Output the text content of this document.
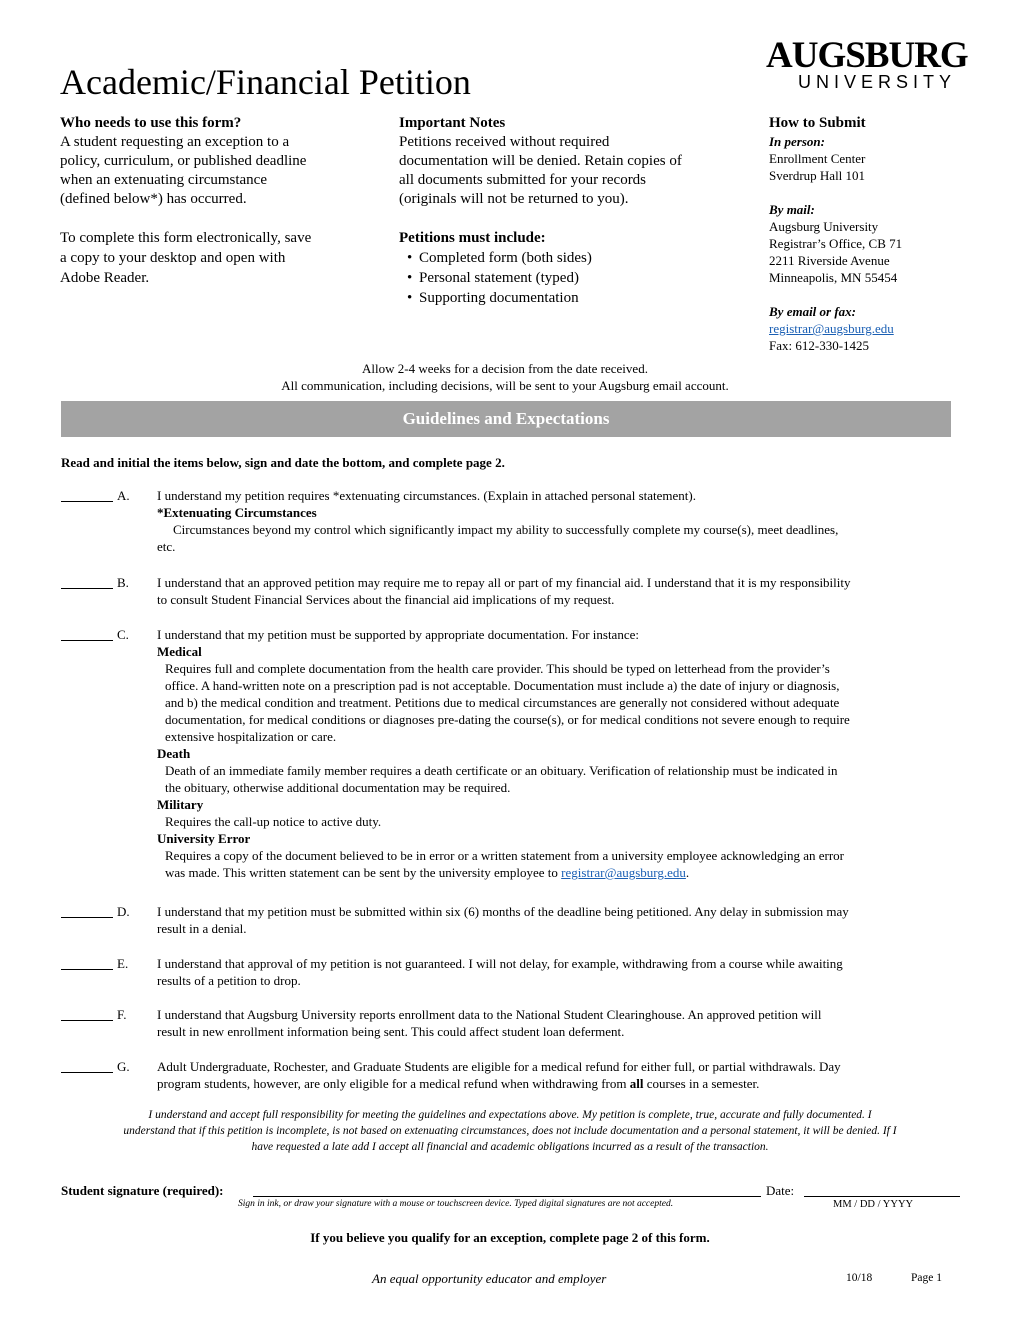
Academic/Financial Petition
AUGSBURG
UNIVERSITY
Who needs to use this form?
A student requesting an exception to a
policy, curriculum, or published deadline
when an extenuating circumstance
(defined below*) has occurred.
To complete this form electronically, save
a copy to your desktop and open with
Adobe Reader.
Important Notes
Petitions received without required
documentation will be denied. Retain copies of
all documents submitted for your records
(originals will not be returned to you).
Petitions must include:
• Completed form (both sides)
• Personal statement (typed)
• Supporting documentation
How to Submit
In person:
Enrollment Center
Sverdrup Hall 101
By mail:
Augsburg University
Registrar’s Office, CB 71
2211 Riverside Avenue
Minneapolis, MN 55454
By email or fax:
registrar@augsburg.edu
Fax: 612-330-1425
Allow 2-4 weeks for a decision from the date received.
All communication, including decisions, will be sent to your Augsburg email account.
Guidelines and Expectations
Read and initial the items below, sign and date the bottom, and complete page 2.
A. I understand my petition requires *extenuating circumstances. (Explain in attached personal statement).
*Extenuating Circumstances
Circumstances beyond my control which significantly impact my ability to successfully complete my course(s), meet deadlines,
etc.
B. I understand that an approved petition may require me to repay all or part of my financial aid. I understand that it is my responsibility
to consult Student Financial Services about the financial aid implications of my request.
C. I understand that my petition must be supported by appropriate documentation. For instance:
Medical
Requires full and complete documentation from the health care provider. This should be typed on letterhead from the provider’s
office. A hand-written note on a prescription pad is not acceptable. Documentation must include a) the date of injury or diagnosis,
and b) the medical condition and treatment. Petitions due to medical circumstances are generally not considered without adequate
documentation, for medical conditions or diagnoses pre-dating the course(s), or for medical conditions not severe enough to require
extensive hospitalization or care.
Death
Death of an immediate family member requires a death certificate or an obituary. Verification of relationship must be indicated in
the obituary, otherwise additional documentation may be required.
Military
Requires the call-up notice to active duty.
University Error
Requires a copy of the document believed to be in error or a written statement from a university employee acknowledging an error
was made. This written statement can be sent by the university employee to registrar@augsburg.edu.
D. I understand that my petition must be submitted within six (6) months of the deadline being petitioned. Any delay in submission may
result in a denial.
E. I understand that approval of my petition is not guaranteed. I will not delay, for example, withdrawing from a course while awaiting
results of a petition to drop.
F. I understand that Augsburg University reports enrollment data to the National Student Clearinghouse. An approved petition will
result in new enrollment information being sent. This could affect student loan deferment.
G. Adult Undergraduate, Rochester, and Graduate Students are eligible for a medical refund for either full, or partial withdrawals. Day
program students, however, are only eligible for a medical refund when withdrawing from all courses in a semester.
I understand and accept full responsibility for meeting the guidelines and expectations above. My petition is complete, true, accurate and fully documented. I
understand that if this petition is incomplete, is not based on extenuating circumstances, does not include documentation and a personal statement, it will be denied. If I
have requested a late add I accept all financial and academic obligations incurred as a result of the transaction.
Student signature (required):	Date:
Sign in ink, or draw your signature with a mouse or touchscreen device. Typed digital signatures are not accepted.	MM / DD / YYYY
If you believe you qualify for an exception, complete page 2 of this form.
An equal opportunity educator and employer	10/18	Page 1
